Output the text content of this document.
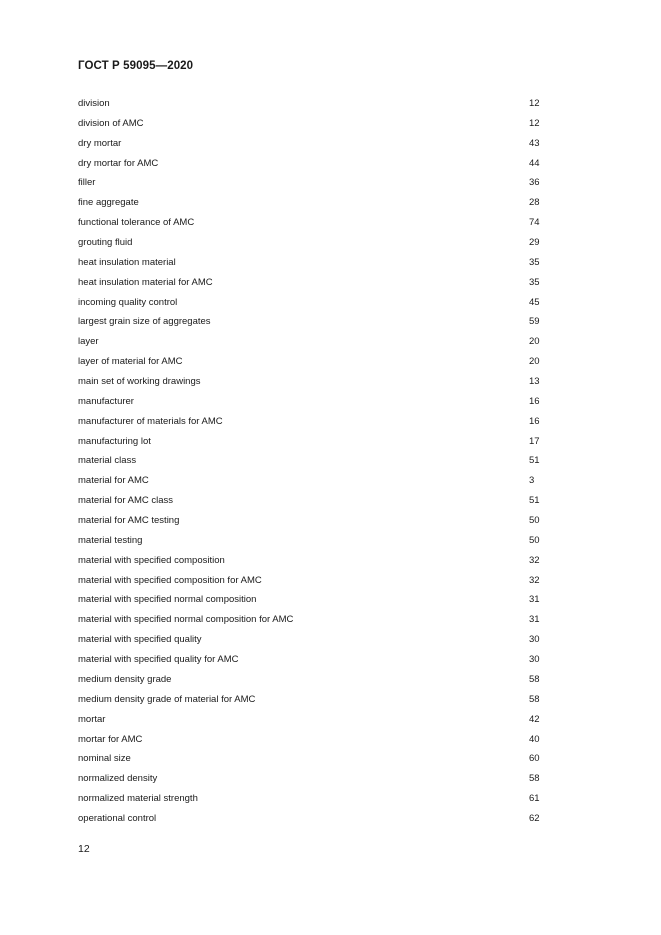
ГОСТ Р 59095—2020
division	12
division of AMC	12
dry mortar	43
dry mortar for AMC	44
filler	36
fine aggregate	28
functional tolerance of AMC	74
grouting fluid	29
heat insulation material	35
heat insulation material for AMC	35
incoming quality control	45
largest grain size of aggregates	59
layer	20
layer of material for AMC	20
main set of working drawings	13
manufacturer	16
manufacturer of materials for AMC	16
manufacturing lot	17
material class	51
material for AMC	3
material for AMC class	51
material for AMC testing	50
material testing	50
material with specified composition	32
material with specified composition for AMC	32
material with specified normal composition	31
material with specified normal composition for AMC	31
material with specified quality	30
material with specified quality for AMC	30
medium density grade	58
medium density grade of material for AMC	58
mortar	42
mortar for AMC	40
nominal size	60
normalized density	58
normalized material strength	61
operational control	62
12
